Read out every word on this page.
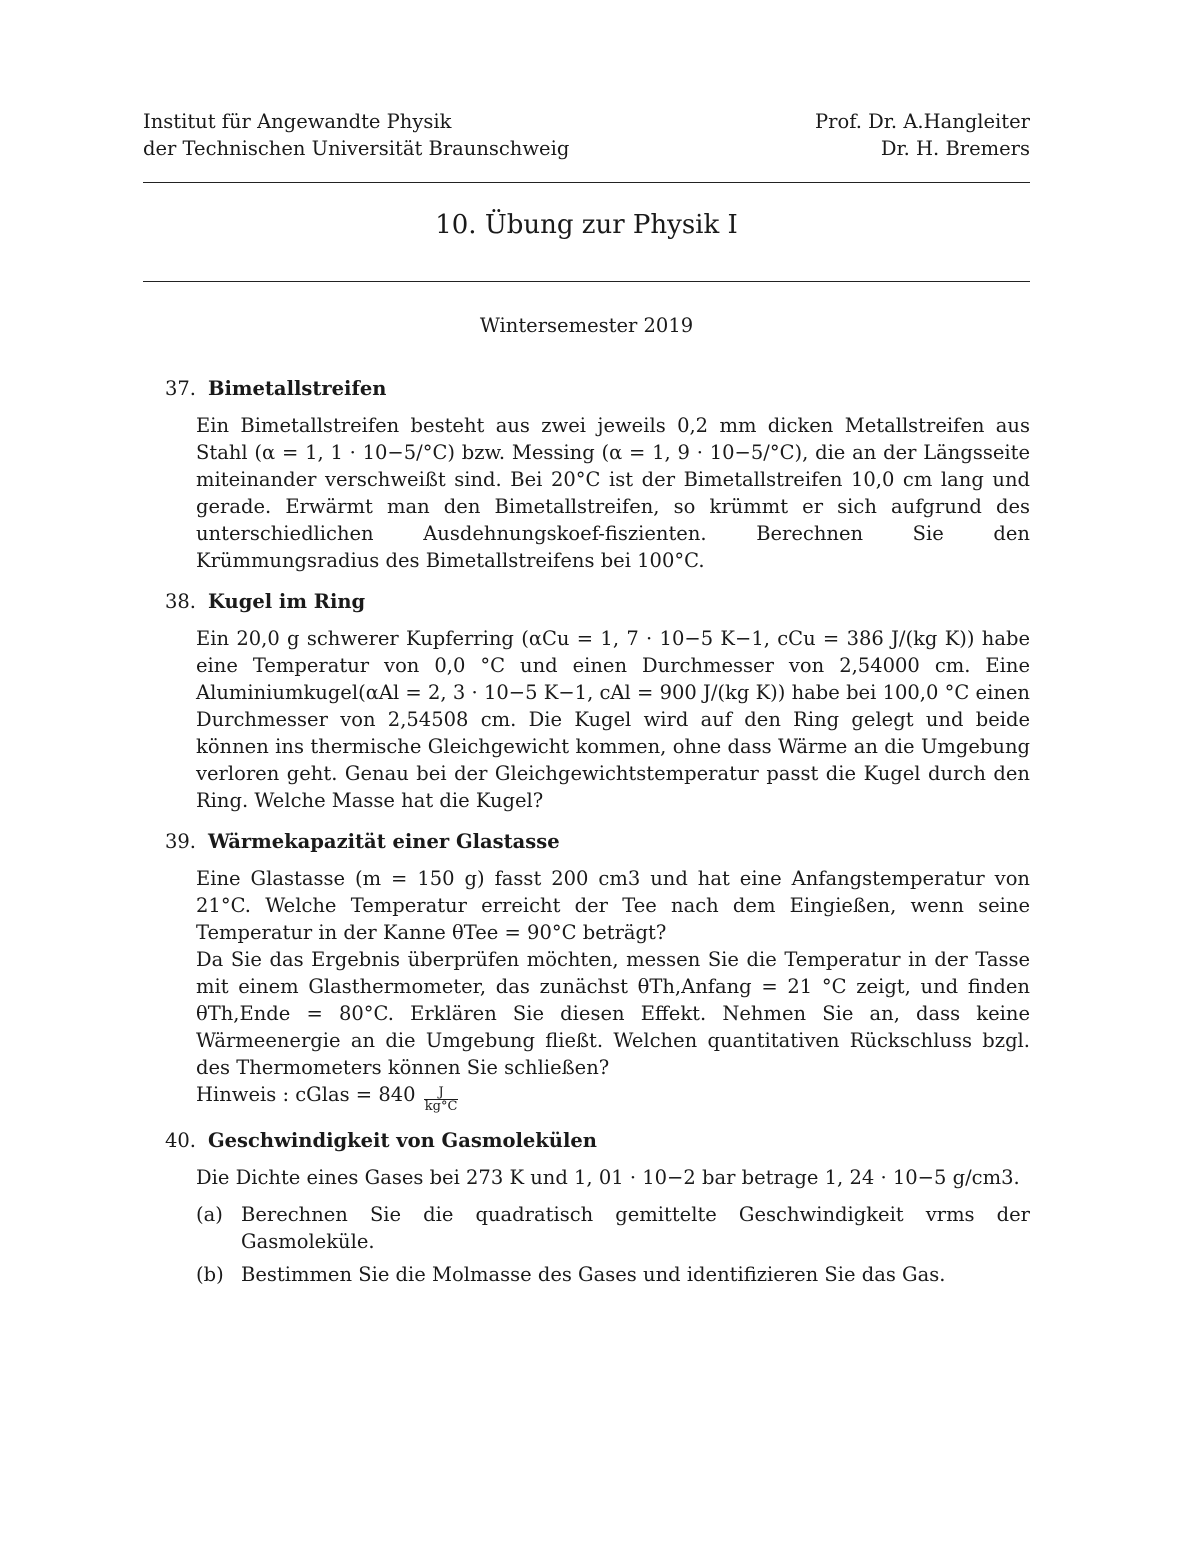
Institut für Angewandte Physik
der Technischen Universität Braunschweig
Prof. Dr. A.Hangleiter
Dr. H. Bremers
10. Übung zur Physik I
Wintersemester 2019
37. Bimetallstreifen

Ein Bimetallstreifen besteht aus zwei jeweils 0,2 mm dicken Metallstreifen aus Stahl (α = 1, 1 · 10−5/°C) bzw. Messing (α = 1, 9 · 10−5/°C), die an der Längsseite miteinander verschweißt sind. Bei 20°C ist der Bimetallstreifen 10,0 cm lang und gerade. Erwärmt man den Bimetallstreifen, so krümmt er sich aufgrund des unterschiedlichen Ausdehnungskoef-fiszienten. Berechnen Sie den Krümmungsradius des Bimetallstreifens bei 100°C.

38. Kugel im Ring

Ein 20,0 g schwerer Kupferring (αCu = 1, 7 · 10−5 K−1, cCu = 386 J/(kg K)) habe eine Temperatur von 0,0 °C und einen Durchmesser von 2,54000 cm. Eine Aluminiumkugel(αAl = 2, 3 · 10−5 K−1, cAl = 900 J/(kg K)) habe bei 100,0 °C einen Durchmesser von 2,54508 cm. Die Kugel wird auf den Ring gelegt und beide können ins thermische Gleichgewicht kommen, ohne dass Wärme an die Umgebung verloren geht. Genau bei der Gleichgewichtstemperatur passt die Kugel durch den Ring. Welche Masse hat die Kugel?

39. Wärmekapazität einer Glastasse

Eine Glastasse (m = 150 g) fasst 200 cm3 und hat eine Anfangstemperatur von 21°C. Welche Temperatur erreicht der Tee nach dem Eingießen, wenn seine Temperatur in der Kanne θTee = 90°C beträgt?

Da Sie das Ergebnis überprüfen möchten, messen Sie die Temperatur in der Tasse mit einem Glasthermometer, das zunächst θTh,Anfang = 21 °C zeigt, und finden θTh,Ende = 80°C. Erklären Sie diesen Effekt. Nehmen Sie an, dass keine Wärmeenergie an die Umgebung fließt. Welchen quantitativen Rückschluss bzgl. des Thermometers können Sie schließen?

Hinweis : cGlas = $840 \frac{J}{kg^\circ C}$

40. Geschwindigkeit von Gasmolekülen

Die Dichte eines Gases bei 273 K und 1, 01 · 10−2 bar betrage 1, 24 · 10−5 g/cm3.

(a) Berechnen Sie die quadratisch gemittelte Geschwindigkeit vrms der Gasmoleküle.
(b) Bestimmen Sie die Molmasse des Gases und identifizieren Sie das Gas.
